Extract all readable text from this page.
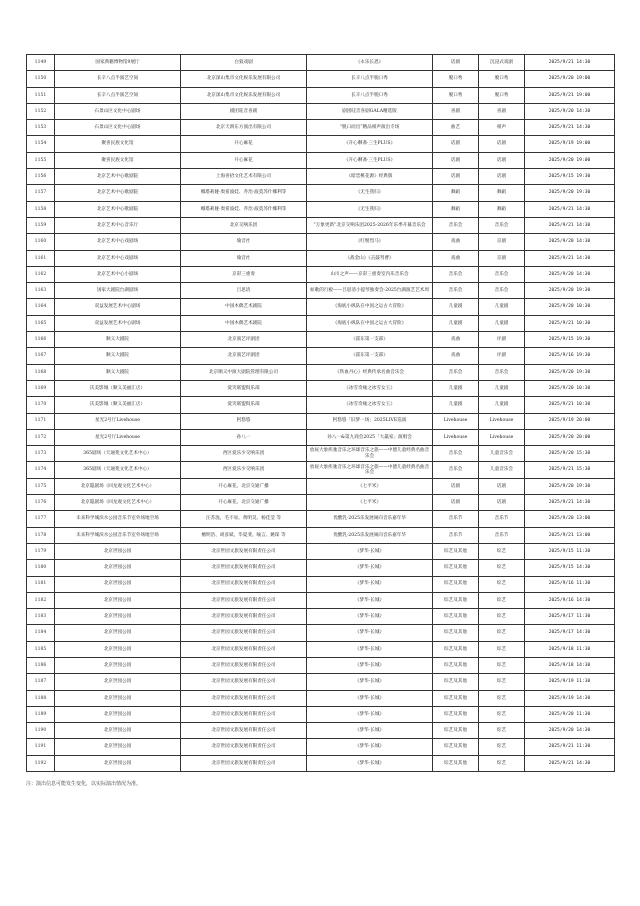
1149	国家典籍博物馆9展厅	白狼戏剧	《永乐长恩》	话剧	沉浸式戏剧	2025/9/21 14:30
1150	长辛八点半演艺空间	北京深山集市文化娱乐发展有限公司	长辛八点半脱口秀	脱口秀	脱口秀	2025/9/20 19:00
1151	长辛八点半演艺空间	北京深山集市文化娱乐发展有限公司	长辛八点半脱口秀	脱口秀	脱口秀	2025/9/21 19:00
1152	石景山区文化中心剧场	剧团哇音喜剧	剧团哇音喜剧GALA精选版	喜剧	喜剧	2025/9/20 14:30
1153	石景山区文化中心剧场	北京天朗东方演出有限公司	“脱口而出”精品相声演出专场	曲艺	相声	2025/9/21 14:30
1154	聚喜民族文化馆	开心麻花	《开心聊斋·三生PLUS》	话剧	话剧	2025/9/19 19:00
1155	聚喜民族文化馆	开心麻花	《开心聊斋·三生PLUS》	话剧	话剧	2025/9/20 19:00
1156	北京艺术中心歌剧院	上海喜拾文化艺术有限公司	《暗恋桃花源》经典版	话剧	话剧	2025/9/15 19:30
1157	北京艺术中心歌剧院	娜塔莉娅·奥希波娃、乔治·波莫苏什娜利等	《无生我归》	舞蹈	舞蹈	2025/9/20 19:30
1158	北京艺术中心歌剧院	娜塔莉娅·奥希波娃、乔治·波莫苏什娜利等	《无生我归》	舞蹈	舞蹈	2025/9/21 14:30
1159	北京艺术中心音乐厅	北京交响乐团	“万象更新”北京交响乐团2025-2026年乐季开幕音乐会	音乐会	音乐会	2025/9/21 14:30
1160	北京艺术中心戏剧场	瑜音社	《红鬃烈马》	戏曲	京剧	2025/9/20 14:30
1161	北京艺术中心戏剧场	瑜音社	《战金山》《击鼓骂曹》	戏曲	京剧	2025/9/21 14:30
1162	北京艺术中心小剧场	京彩三重奏	山川之声——京彩三重奏室内乐音乐会	音乐会	音乐会	2025/9/20 14:30
1163	国家大剧院台湖剧场	吕思清	如歌的行板——吕思清小提琴独奏会-2025台湖演艺艺术周	音乐会	音乐会	2025/9/20 19:30
1164	双益发展艺术中心剧场	中国木偶艺术剧院	《海底小纵队在中国之运古大冒险》	儿童剧	儿童剧	2025/9/20 10:30
1165	双益发展艺术中心剧场	中国木偶艺术剧院	《海底小纵队在中国之运古大冒险》	儿童剧	儿童剧	2025/9/21 10:30
1166	顺义大剧院	北京演艺评剧团	《霍东第一支部》	戏曲	评剧	2025/9/15 19:30
1167	顺义大剧院	北京演艺评剧团	《霍东第一支部》	戏曲	评剧	2025/9/16 19:30
1168	顺义大剧院	北京顺义中演大剧院管理有限公司	《铁血丹心》经典传承名曲音乐会	音乐会	音乐会	2025/9/20 19:30
1169	沃美影城（顺义美丽汇店）	爱笑联盟俱乐部	《冰雪奇缘之冰雪女王》	儿童剧	儿童剧	2025/9/20 10:30
1170	沃美影城（顺义美丽汇店）	爱笑联盟俱乐部	《冰雪奇缘之冰雪女王》	儿童剧	儿童剧	2025/9/21 10:30
1171	星光2号厅Livehouse	阿悠悠	阿悠悠「旧梦一场」2025LIVE巡演	Livehouse	Livehouse	2025/9/19 20:00
1172	星光2号厅Livehouse	孙八一	孙八一&第九商会2025「大赢家」演唱会	Livehouse	Livehouse	2025/9/20 20:00
1173	365剧场（天通苑文化艺术中心）	西区爱乐少交响乐团	放屁大象疾驰音乐之环球音乐之旅——中德儿童经典名曲音乐会	音乐会	儿童音乐会	2025/9/20 15:30
1174	365剧场（天通苑文化艺术中心）	西区爱乐少交响乐团	放屁大象疾驰音乐之环球音乐之旅——中德儿童经典名曲音乐会	音乐会	儿童音乐会	2025/9/21 15:30
1175	北京隐剧场（回龙观文化艺术中心）	开心麻花、北京交通广播	《七平米》	话剧	话剧	2025/9/20 19:30
1176	北京隐剧场（回龙观文化艺术中心）	开心麻花、北京交通广播	《七平米》	话剧	话剧	2025/9/21 14:30
1177	未来科学城滨水公园音乐节室外场地空场	汪苏泷、毛不易、黄明昊、杨佳莹 等	优酸乳·2025乐发展闹向音乐嘉年华	音乐节	音乐节	2025/9/20 13:00
1178	未来科学城滨水公园音乐节室外场地空场	檀明浩、胡彦斌、毕夏斐、喻言、姚琛 等	优酸乳·2025乐发展闹向音乐嘉年华	音乐节	音乐节	2025/9/21 13:00
1179	北京世园公园	北京世园文旅发展有限责任公司	《梦华·长城》	综艺及其他	综艺	2025/9/15 11:30
1180	北京世园公园	北京世园文旅发展有限责任公司	《梦华·长城》	综艺及其他	综艺	2025/9/15 14:30
1181	北京世园公园	北京世园文旅发展有限责任公司	《梦华·长城》	综艺及其他	综艺	2025/9/16 11:30
1182	北京世园公园	北京世园文旅发展有限责任公司	《梦华·长城》	综艺及其他	综艺	2025/9/16 14:30
1183	北京世园公园	北京世园文旅发展有限责任公司	《梦华·长城》	综艺及其他	综艺	2025/9/17 11:30
1184	北京世园公园	北京世园文旅发展有限责任公司	《梦华·长城》	综艺及其他	综艺	2025/9/17 14:30
1185	北京世园公园	北京世园文旅发展有限责任公司	《梦华·长城》	综艺及其他	综艺	2025/9/18 11:30
1186	北京世园公园	北京世园文旅发展有限责任公司	《梦华·长城》	综艺及其他	综艺	2025/9/18 14:30
1187	北京世园公园	北京世园文旅发展有限责任公司	《梦华·长城》	综艺及其他	综艺	2025/9/19 11:30
1188	北京世园公园	北京世园文旅发展有限责任公司	《梦华·长城》	综艺及其他	综艺	2025/9/19 14:30
1189	北京世园公园	北京世园文旅发展有限责任公司	《梦华·长城》	综艺及其他	综艺	2025/9/20 11:30
1190	北京世园公园	北京世园文旅发展有限责任公司	《梦华·长城》	综艺及其他	综艺	2025/9/20 14:30
1191	北京世园公园	北京世园文旅发展有限责任公司	《梦华·长城》	综艺及其他	综艺	2025/9/21 11:30
1192	北京世园公园	北京世园文旅发展有限责任公司	《梦华·长城》	综艺及其他	综艺	2025/9/21 14:30
注：演出信息可能发生变化，以实际演出情况为准。
